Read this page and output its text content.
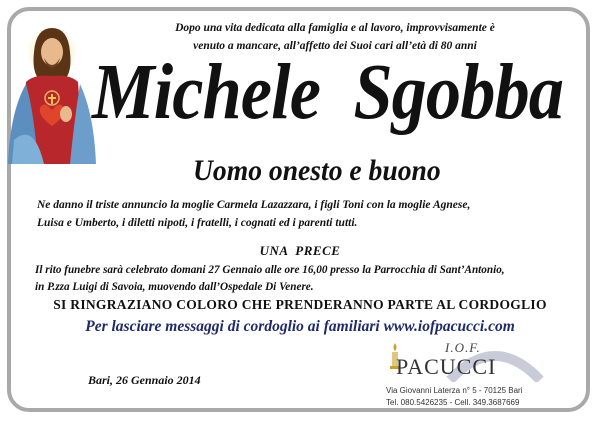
Dopo una vita dedicata alla famiglia e al lavoro, improvvisamente è
venuto a mancare, all’affetto dei Suoi cari all’età di 80 anni
Michele  Sgobba
Uomo onesto e buono
Ne danno il triste annuncio la moglie Carmela Lazazzara, i figli Toni con la moglie Agnese,
Luisa e Umberto, i diletti nipoti, i fratelli, i cognati ed i parenti tutti.
UNA  PRECE
Il rito funebre sarà celebrato domani 27 Gennaio alle ore 16,00 presso la Parrocchia di Sant’Antonio,
in P.zza Luigi di Savoia, muovendo dall’Ospedale Di Venere.
SI RINGRAZIANO COLORO CHE PRENDERANNO PARTE AL CORDOGLIO
Per lasciare messaggi di cordoglio ai familiari www.iofpacucci.com
Bari, 26 Gennaio 2014
I.O.F.
PACUCCI
Via Giovanni Laterza n° 5 - 70125 Bari
Tel. 080.5426235 - Cell. 349.3687669
